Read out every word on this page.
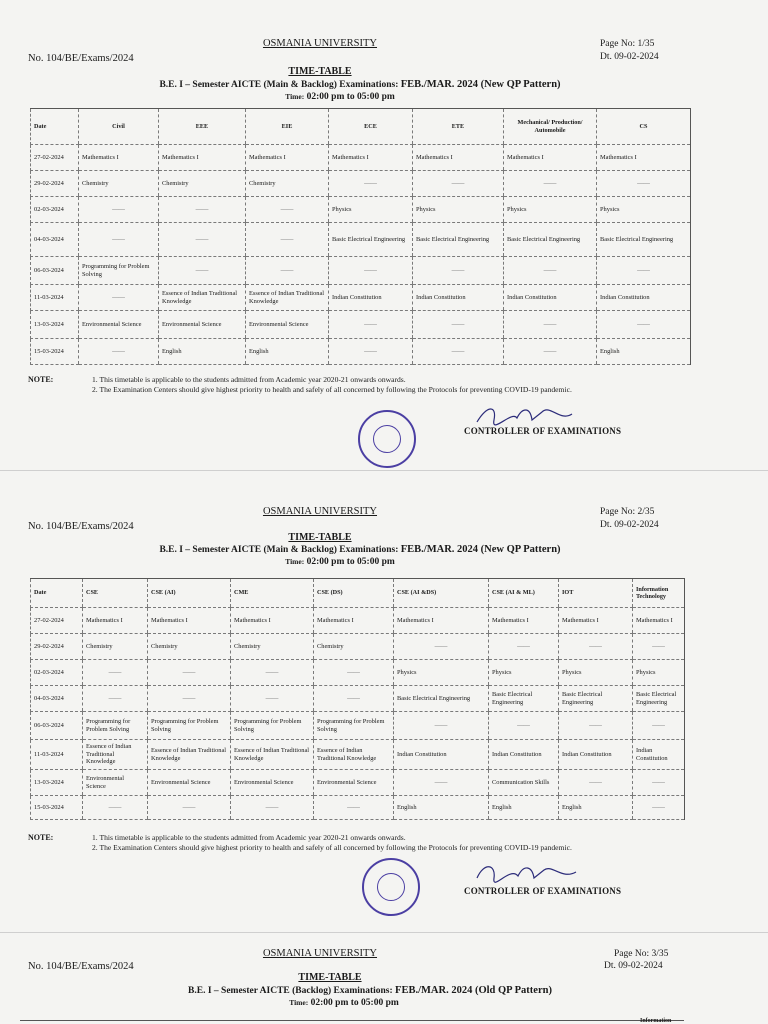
OSMANIA UNIVERSITY	Page No: 1/35
Dt. 09-02-2024
No. 104/BE/Exams/2024
TIME-TABLE
B.E. I – Semester AICTE (Main & Backlog) Examinations: FEB./MAR. 2024 (New QP Pattern)
Time: 02:00 pm to 05:00 pm
Date	Civil	EEE	EIE	ECE	ETE	Mechanical/ Production/ Automobile	CS
27-02-2024	Mathematics I	Mathematics I	Mathematics I	Mathematics I	Mathematics I	Mathematics I	Mathematics I
29-02-2024	Chemistry	Chemistry	Chemistry	——	——	——	——
02-03-2024	——	——	——	Physics	Physics	Physics	Physics
04-03-2024	——	——	——	Basic Electrical Engineering	Basic Electrical Engineering	Basic Electrical Engineering	Basic Electrical Engineering
06-03-2024	Programming for Problem Solving	——	——	——	——	——	——
11-03-2024	——	Essence of Indian Traditional Knowledge	Essence of Indian Traditional Knowledge	Indian Constitution	Indian Constitution	Indian Constitution	Indian Constitution
13-03-2024	Environmental Science	Environmental Science	Environmental Science	——	——	——	——
15-03-2024	——	English	English	——	——	——	English
NOTE:	1. This timetable is applicable to the students admitted from Academic year 2020-21 onwards onwards.
2. The Examination Centers should give highest priority to health and safely of all concerned by following the Protocols for preventing COVID-19 pandemic.
CONTROLLER OF EXAMINATIONS
OSMANIA UNIVERSITY	Page No: 2/35
Dt. 09-02-2024
No. 104/BE/Exams/2024
TIME-TABLE
B.E. I – Semester AICTE (Main & Backlog) Examinations: FEB./MAR. 2024 (New QP Pattern)
Time: 02:00 pm to 05:00 pm
Date	CSE	CSE (AI)	CME	CSE (DS)	CSE (AI &DS)	CSE (AI & ML)	IOT	Information Technology
27-02-2024	Mathematics I	Mathematics I	Mathematics I	Mathematics I	Mathematics I	Mathematics I	Mathematics I	Mathematics I
29-02-2024	Chemistry	Chemistry	Chemistry	Chemistry	——	——	——	——
02-03-2024	——	——	——	——	Physics	Physics	Physics	Physics
04-03-2024	——	——	——	——	Basic Electrical Engineering	Basic Electrical Engineering	Basic Electrical Engineering	Basic Electrical Engineering
06-03-2024	Programming for Problem Solving	Programming for Problem Solving	Programming for Problem Solving	Programming for Problem Solving	——	——	——	——
11-03-2024	Essence of Indian Traditional Knowledge	Essence of Indian Traditional Knowledge	Essence of Indian Traditional Knowledge	Essence of Indian Traditional Knowledge	Indian Constitution	Indian Constitution	Indian Constitution	Indian Constitution
13-03-2024	Environmental Science	Environmental Science	Environmental Science	Environmental Science	——	Communication Skills	——	——
15-03-2024	——	——	——	——	English	English	English	——
NOTE:	1. This timetable is applicable to the students admitted from Academic year 2020-21 onwards onwards.
2. The Examination Centers should give highest priority to health and safely of all concerned by following the Protocols for preventing COVID-19 pandemic.
CONTROLLER OF EXAMINATIONS
OSMANIA UNIVERSITY	Page No: 3/35
Dt. 09-02-2024
No. 104/BE/Exams/2024
TIME-TABLE
B.E. I – Semester AICTE (Backlog) Examinations: FEB./MAR. 2024 (Old QP Pattern)
Time: 02:00 pm to 05:00 pm
Information
